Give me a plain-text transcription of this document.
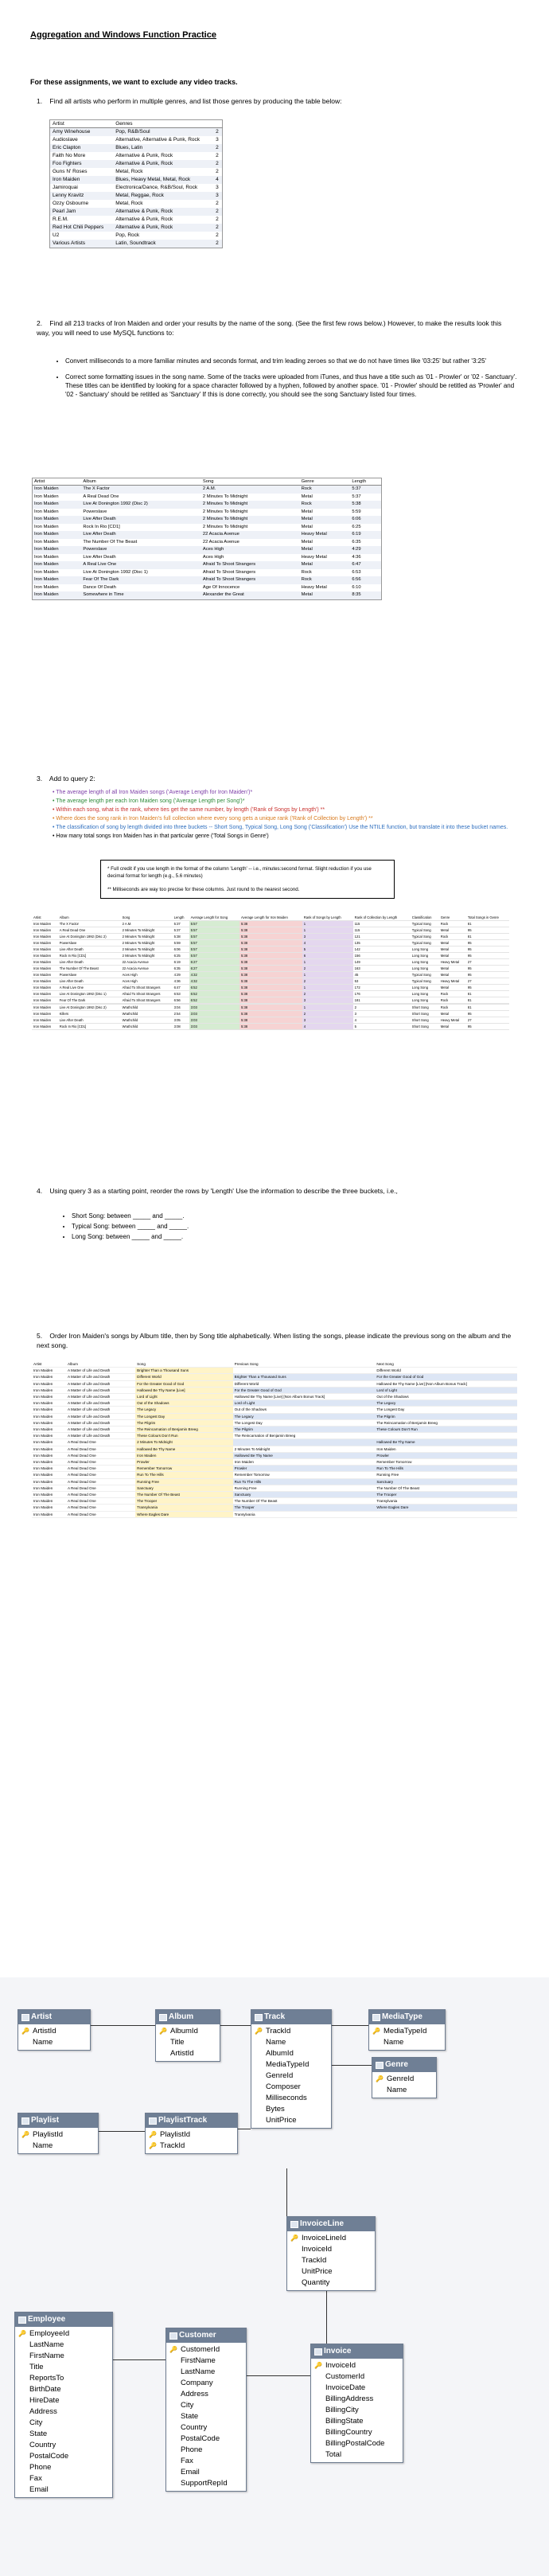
Aggregation and Windows Function Practice
For these assignments, we want to exclude any video tracks.
1. Find all artists who perform in multiple genres, and list those genres by producing the table below:
Artist	Genres	
Amy Winehouse	Pop, R&B/Soul	2
Audioslave	Alternative, Alternative & Punk, Rock	3
Eric Clapton	Blues, Latin	2
Faith No More	Alternative & Punk, Rock	2
Foo Fighters	Alternative & Punk, Rock	2
Guns N' Roses	Metal, Rock	2
Iron Maiden	Blues, Heavy Metal, Metal, Rock	4
Jamiroquai	Electronica/Dance, R&B/Soul, Rock	3
Lenny Kravitz	Metal, Reggae, Rock	3
Ozzy Osbourne	Metal, Rock	2
Pearl Jam	Alternative & Punk, Rock	2
R.E.M.	Alternative & Punk, Rock	2
Red Hot Chili Peppers	Alternative & Punk, Rock	2
U2	Pop, Rock	2
Various Artists	Latin, Soundtrack	2
2. Find all 213 tracks of Iron Maiden and order your results by the name of the song. (See the first few rows below.) However, to make the results look this way, you will need to use MySQL functions to:
• Convert milliseconds to a more familiar minutes and seconds format, and trim leading zeroes so that we do not have times like '03:25' but rather '3:25'
• Correct some formatting issues in the song name. Some of the tracks were uploaded from iTunes, and thus have a title such as '01 - Prowler' or '02 - Sanctuary'. These titles can be identified by looking for a space character followed by a hyphen, followed by another space. '01 - Prowler' should be retitled as 'Prowler' and '02 - Sanctuary' should be retitled as 'Sanctuary' If this is done correctly, you should see the song Sanctuary listed four times.
Artist	Album	Song	Genre	Length
Iron Maiden	The X Factor	2 A.M.	Rock	5:37
Iron Maiden	A Real Dead One	2 Minutes To Midnight	Metal	5:37
Iron Maiden	Live At Donington 1992 (Disc 2)	2 Minutes To Midnight	Rock	5:38
Iron Maiden	Powerslave	2 Minutes To Midnight	Metal	5:59
Iron Maiden	Live After Death	2 Minutes To Midnight	Metal	6:06
Iron Maiden	Rock In Rio [CD1]	2 Minutes To Midnight	Metal	6:25
Iron Maiden	Live After Death	22 Acacia Avenue	Heavy Metal	6:19
Iron Maiden	The Number Of The Beast	22 Acacia Avenue	Metal	6:35
Iron Maiden	Powerslave	Aces High	Metal	4:29
Iron Maiden	Live After Death	Aces High	Heavy Metal	4:36
Iron Maiden	A Real Live One	Afraid To Shoot Strangers	Metal	6:47
Iron Maiden	Live At Donington 1992 (Disc 1)	Afraid To Shoot Strangers	Rock	6:53
Iron Maiden	Fear Of The Dark	Afraid To Shoot Strangers	Rock	6:56
Iron Maiden	Dance Of Death	Age Of Innocence	Heavy Metal	6:10
Iron Maiden	Somewhere in Time	Alexander the Great	Metal	8:35
3. Add to query 2:
• The average length of all Iron Maiden songs ('Average Length for Iron Maiden')*
• The average length per each Iron Maiden song ('Average Length per Song')*
• Within each song, what is the rank, where ties get the same number, by length ('Rank of Songs by Length') **
• Where does the song rank in Iron Maiden's full collection where every song gets a unique rank ('Rank of Collection by Length') **
• The classification of song by length divided into three buckets -- Short Song, Typical Song, Long Song ('Classification') Use the NTILE function, but translate it into these bucket names.
• How many total songs Iron Maiden has in that particular genre ('Total Songs in Genre')
* Full credit if you use length in the format of the column 'Length' -- i.e., minutes:second format. Slight reduction if you use decimal format for length (e.g., 5.6 minutes)
** Milliseconds are way too precise for these columns. Just round to the nearest second.
Artist	Album	Song	Length	Average Length for Song	Average Length for Iron Maiden	Rank of Songs by Length	Rank of Collection by Length	Classification	Genre	Total Songs in Genre
Iron Maiden	The X Factor	2 A.M.	5:37	5:57	5:38	1	115	Typical Song	Rock	81
Iron Maiden	A Real Dead One	2 Minutes To Midnight	5:37	5:57	5:38	1	115	Typical Song	Metal	95
Iron Maiden	Live At Donington 1992 (Disc 2)	2 Minutes To Midnight	5:38	5:57	5:38	3	121	Typical Song	Rock	81
Iron Maiden	Powerslave	2 Minutes To Midnight	5:59	5:57	5:38	4	135	Typical Song	Metal	95
Iron Maiden	Live After Death	2 Minutes To Midnight	6:06	5:57	5:38	5	142	Long Song	Metal	95
Iron Maiden	Rock In Rio [CD1]	2 Minutes To Midnight	6:25	5:57	5:38	6	156	Long Song	Metal	95
Iron Maiden	Live After Death	22 Acacia Avenue	6:19	6:27	5:38	1	149	Long Song	Heavy Metal	27
Iron Maiden	The Number Of The Beast	22 Acacia Avenue	6:35	6:27	5:38	2	163	Long Song	Metal	95
Iron Maiden	Powerslave	Aces High	4:29	4:32	5:38	1	45	Typical Song	Metal	95
Iron Maiden	Live After Death	Aces High	4:36	4:32	5:38	2	53	Typical Song	Heavy Metal	27
Iron Maiden	A Real Live One	Afraid To Shoot Strangers	6:47	6:52	5:38	1	172	Long Song	Metal	95
Iron Maiden	Live At Donington 1992 (Disc 1)	Afraid To Shoot Strangers	6:53	6:52	5:38	2	176	Long Song	Rock	81
Iron Maiden	Fear Of The Dark	Afraid To Shoot Strangers	6:56	6:52	5:38	3	181	Long Song	Rock	81

Iron Maiden	Live At Donington 1992 (Disc 2)	Wrathchild	3:04	3:03	5:38	1	2	Short Song	Rock	81
Iron Maiden	Killers	Wrathchild	2:54	3:03	5:38	2	3	Short Song	Metal	95
Iron Maiden	Live After Death	Wrathchild	3:05	3:03	5:38	3	4	Short Song	Heavy Metal	27
Iron Maiden	Rock In Rio [CD1]	Wrathchild	3:08	3:03	5:38	4	5	Short Song	Metal	95
4. Using query 3 as a starting point, reorder the rows by 'Length' Use the information to describe the three buckets, i.e.,
• Short Song: between _____ and _____.
• Typical Song: between _____ and _____.
• Long Song: between _____ and _____.
5. Order Iron Maiden's songs by Album title, then by Song title alphabetically. When listing the songs, please indicate the previous song on the album and the next song.
Artist	Album	Song	Previous Song	Next Song
Iron Maiden	A Matter of Life and Death	Brighter Than a Thousand Suns		Different World
Iron Maiden	A Matter of Life and Death	Different World	Brighter Than a Thousand Suns	For the Greater Good of God
Iron Maiden	A Matter of Life and Death	For the Greater Good of God	Different World	Hallowed Be Thy Name [Live] [Non Album Bonus Track]
Iron Maiden	A Matter of Life and Death	Hallowed Be Thy Name [Live]	For the Greater Good of God	Lord of Light
Iron Maiden	A Matter of Life and Death	Lord of Light	Hallowed Be Thy Name [Live] [Non Album Bonus Track]	Out of the Shadows
Iron Maiden	A Matter of Life and Death	Out of the Shadows	Lord of Light	The Legacy
Iron Maiden	A Matter of Life and Death	The Legacy	Out of the Shadows	The Longest Day
Iron Maiden	A Matter of Life and Death	The Longest Day	The Legacy	The Pilgrim
Iron Maiden	A Matter of Life and Death	The Pilgrim	The Longest Day	The Reincarnation of Benjamin Breeg
Iron Maiden	A Matter of Life and Death	The Reincarnation of Benjamin Breeg	The Pilgrim	These Colours Don't Run
Iron Maiden	A Matter of Life and Death	These Colours Don't Run	The Reincarnation of Benjamin Breeg	
Iron Maiden	A Real Dead One	2 Minutes To Midnight		Hallowed Be Thy Name
Iron Maiden	A Real Dead One	Hallowed Be Thy Name	2 Minutes To Midnight	Iron Maiden
Iron Maiden	A Real Dead One	Iron Maiden	Hallowed Be Thy Name	Prowler
Iron Maiden	A Real Dead One	Prowler	Iron Maiden	Remember Tomorrow
Iron Maiden	A Real Dead One	Remember Tomorrow	Prowler	Run To The Hills
Iron Maiden	A Real Dead One	Run To The Hills	Remember Tomorrow	Running Free
Iron Maiden	A Real Dead One	Running Free	Run To The Hills	Sanctuary
Iron Maiden	A Real Dead One	Sanctuary	Running Free	The Number Of The Beast
Iron Maiden	A Real Dead One	The Number Of The Beast	Sanctuary	The Trooper
Iron Maiden	A Real Dead One	The Trooper	The Number Of The Beast	Transylvania
Iron Maiden	A Real Dead One	Transylvania	The Trooper	Where Eagles Dare
Iron Maiden	A Real Dead One	Where Eagles Dare	Transylvania	
Artist
🔑 ArtistId
Name
Album
🔑 AlbumId
Title
ArtistId
Track
🔑 TrackId
Name
AlbumId
MediaTypeId
GenreId
Composer
Milliseconds
Bytes
UnitPrice
MediaType
🔑 MediaTypeId
Name
Genre
🔑 GenreId
Name
Playlist
🔑 PlaylistId
Name
PlaylistTrack
🔑 PlaylistId
🔑 TrackId
InvoiceLine
🔑 InvoiceLineId
InvoiceId
TrackId
UnitPrice
Quantity
Employee
🔑 EmployeeId
LastName
FirstName
Title
ReportsTo
BirthDate
HireDate
Address
City
State
Country
PostalCode
Phone
Fax
Email
Customer
🔑 CustomerId
FirstName
LastName
Company
Address
City
State
Country
PostalCode
Phone
Fax
Email
SupportRepId
Invoice
🔑 InvoiceId
CustomerId
InvoiceDate
BillingAddress
BillingCity
BillingState
BillingCountry
BillingPostalCode
Total
